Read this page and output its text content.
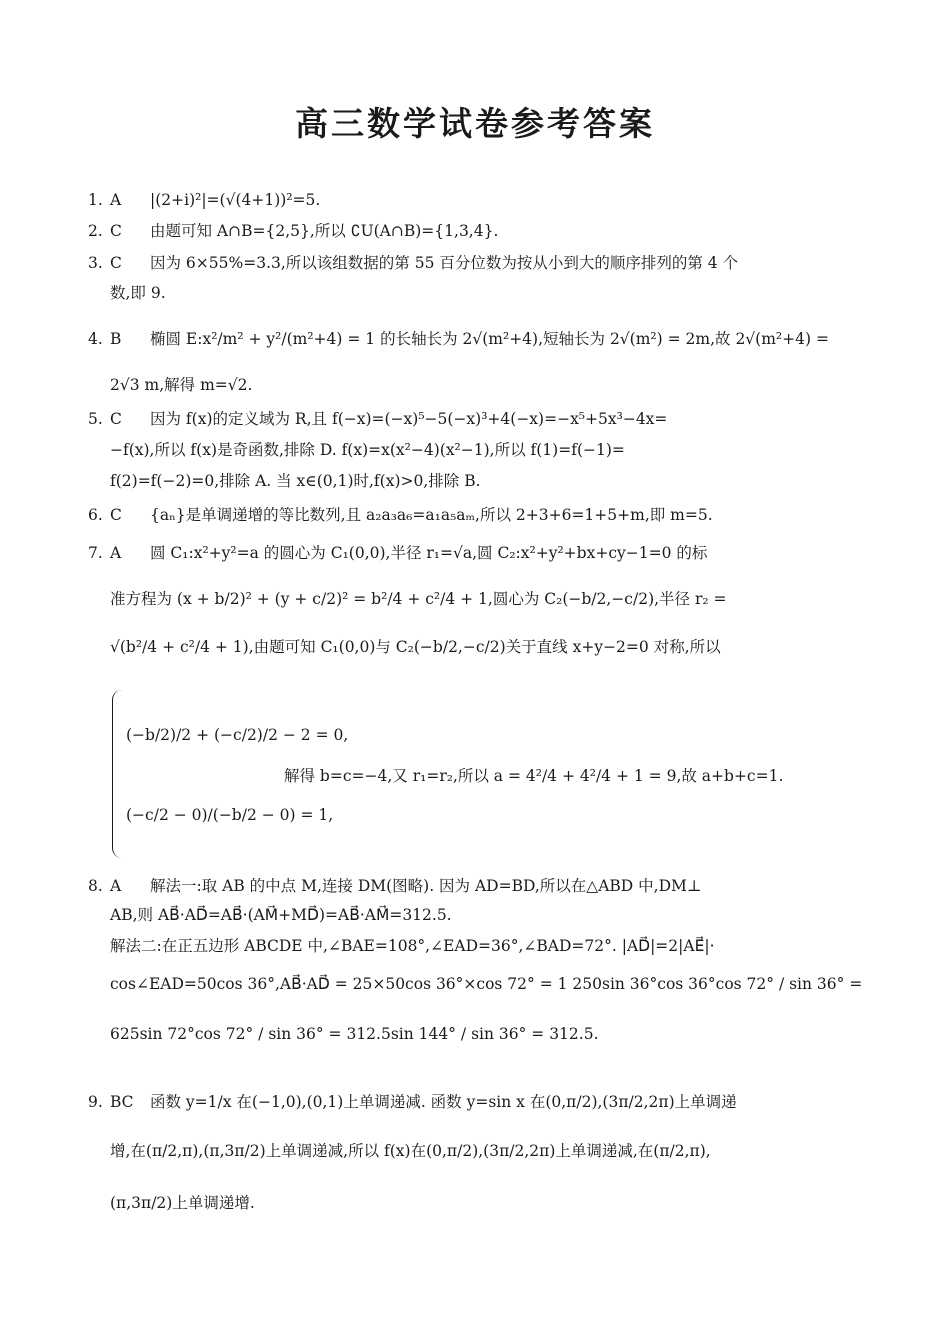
高三数学试卷参考答案
1. A |(2+i)²|=(√(4+1))²=5.
2. C 由题可知 A∩B={2,5},所以 ∁U(A∩B)={1,3,4}.
3. C 因为 6×55%=3.3,所以该组数据的第 55 百分位数为按从小到大的顺序排列的第 4 个
数,即 9.
4. B 椭圆 E:x²/m² + y²/(m²+4) = 1 的长轴长为 2√(m²+4),短轴长为 2√(m²) = 2m,故 2√(m²+4) =
2√3 m,解得 m=√2.
5. C 因为 f(x)的定义域为 R,且 f(−x)=(−x)⁵−5(−x)³+4(−x)=−x⁵+5x³−4x=
−f(x),所以 f(x)是奇函数,排除 D. f(x)=x(x²−4)(x²−1),所以 f(1)=f(−1)=
f(2)=f(−2)=0,排除 A. 当 x∈(0,1)时,f(x)>0,排除 B.
6. C {aₙ}是单调递增的等比数列,且 a₂a₃a₆=a₁a₅aₘ,所以 2+3+6=1+5+m,即 m=5.
7. A 圆 C₁:x²+y²=a 的圆心为 C₁(0,0),半径 r₁=√a,圆 C₂:x²+y²+bx+cy−1=0 的标
准方程为 (x + b/2)² + (y + c/2)² = b²/4 + c²/4 + 1,圆心为 C₂(−b/2,−c/2),半径 r₂ =
√(b²/4 + c²/4 + 1),由题可知 C₁(0,0)与 C₂(−b/2,−c/2)关于直线 x+y−2=0 对称,所以
(−b/2)/2 + (−c/2)/2 − 2 = 0,
(−c/2 − 0)/(−b/2 − 0) = 1,
解得 b=c=−4,又 r₁=r₂,所以 a = 4²/4 + 4²/4 + 1 = 9,故 a+b+c=1.
8. A 解法一:取 AB 的中点 M,连接 DM(图略). 因为 AD=BD,所以在△ABD 中,DM⊥
AB,则 AB⃗·AD⃗=AB⃗·(AM⃗+MD⃗)=AB⃗·AM⃗=312.5.
解法二:在正五边形 ABCDE 中,∠BAE=108°,∠EAD=36°,∠BAD=72°. |AD⃗|=2|AE⃗|·
cos∠EAD=50cos 36°,AB⃗·AD⃗ = 25×50cos 36°×cos 72° = 1 250sin 36°cos 36°cos 72° / sin 36° =
625sin 72°cos 72° / sin 36° = 312.5sin 144° / sin 36° = 312.5.
9. BC 函数 y=1/x 在(−1,0),(0,1)上单调递减. 函数 y=sin x 在(0,π/2),(3π/2,2π)上单调递
增,在(π/2,π),(π,3π/2)上单调递减,所以 f(x)在(0,π/2),(3π/2,2π)上单调递减,在(π/2,π),
(π,3π/2)上单调递增.
